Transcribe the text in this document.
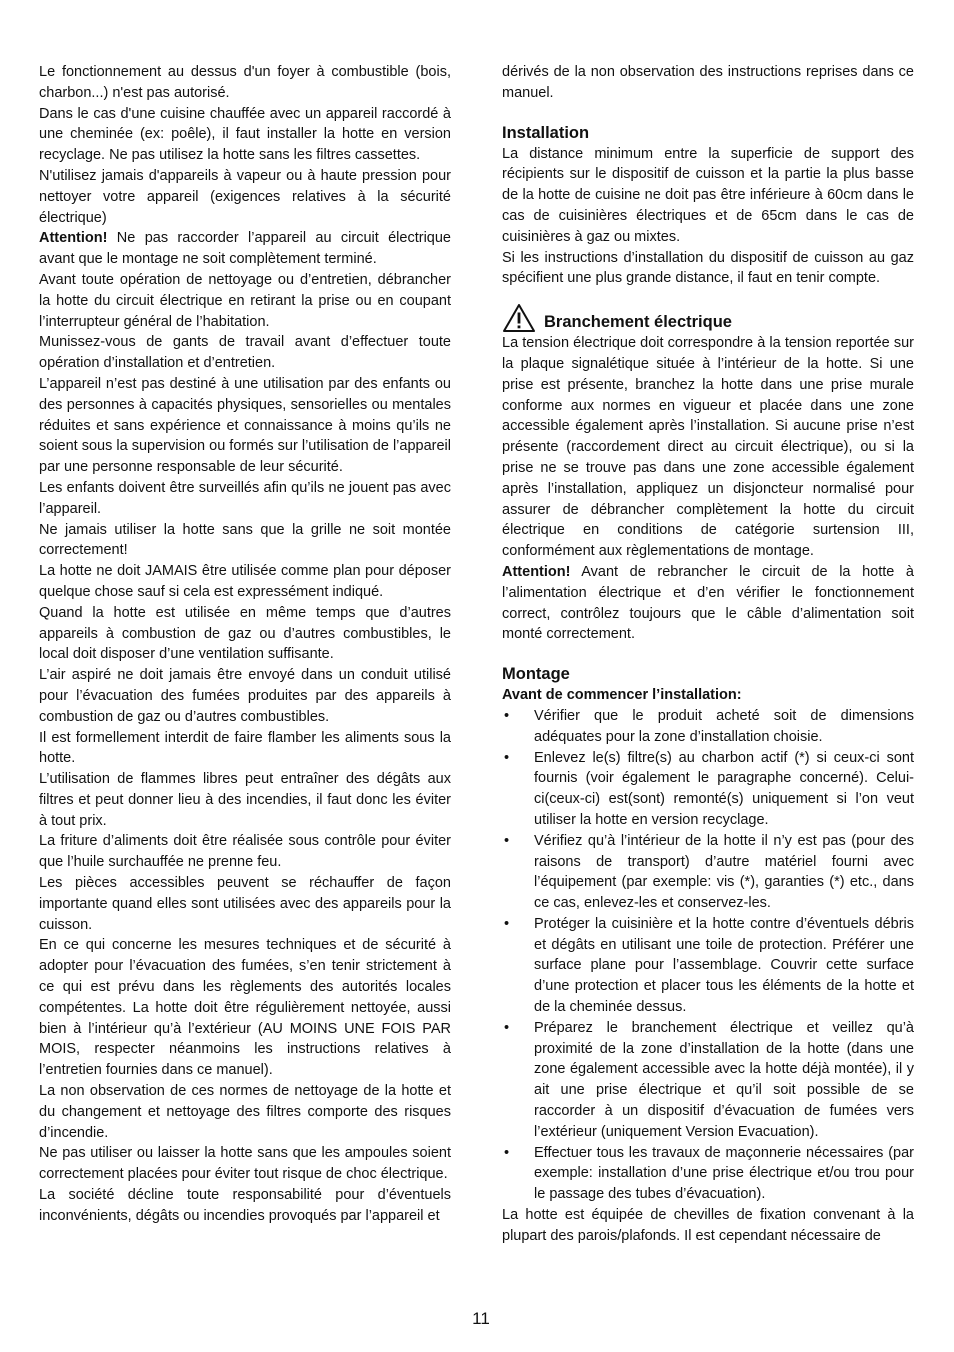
Le fonctionnement au dessus d'un foyer à combustible (bois, charbon...) n'est pas autorisé.

Dans le cas d'une cuisine chauffée avec un appareil raccordé à une cheminée (ex: poêle), il faut installer la hotte en version recyclage. Ne pas utilisez la hotte sans les filtres cassettes.

N'utilisez jamais d'appareils à vapeur ou à haute pression pour nettoyer votre appareil (exigences relatives à la sécurité électrique)

Attention! Ne pas raccorder l’appareil au circuit électrique avant que le montage ne soit complètement terminé.

Avant toute opération de nettoyage ou d’entretien, débrancher la hotte du circuit électrique en retirant la prise ou en coupant l’interrupteur général de l’habitation.

Munissez-vous de gants de travail avant d’effectuer toute opération d’installation et d’entretien.

L’appareil n’est pas destiné à une utilisation par des enfants ou des personnes à capacités physiques, sensorielles ou mentales réduites et sans expérience et connaissance à moins qu’ils ne soient sous la supervision ou formés sur l’utilisation de l’appareil par une personne responsable de leur sécurité.

Les enfants doivent être surveillés afin qu’ils ne jouent pas avec l’appareil.

Ne jamais utiliser la hotte sans que la grille ne soit montée correctement!

La hotte ne doit JAMAIS être utilisée comme plan pour déposer quelque chose sauf si cela est expressément indiqué.

Quand la hotte est utilisée en même temps que d’autres appareils à combustion de gaz ou d’autres combustibles, le local doit disposer d’une ventilation suffisante.

L’air aspiré ne doit jamais être envoyé dans un conduit utilisé pour l’évacuation des fumées produites par des appareils à combustion de gaz ou d’autres combustibles.

Il est formellement interdit de faire flamber les aliments sous la hotte.

L’utilisation de flammes libres peut entraîner des dégâts aux filtres et peut donner lieu à des incendies, il faut donc les éviter à tout prix.

La friture d’aliments doit être réalisée sous contrôle pour éviter que l’huile surchauffée ne prenne feu.

Les pièces accessibles peuvent se réchauffer de façon importante quand elles sont utilisées avec des appareils pour la cuisson.

En ce qui concerne les mesures techniques et de sécurité à adopter pour l’évacuation des fumées, s’en tenir strictement à ce qui est prévu dans les règlements des autorités locales compétentes. La hotte doit être régulièrement nettoyée, aussi bien à l’intérieur qu’à l’extérieur (AU MOINS UNE FOIS PAR MOIS, respecter néanmoins les instructions relatives à l’entretien fournies dans ce manuel).

La non observation de ces normes de nettoyage de la hotte et du changement et nettoyage des filtres comporte des risques d’incendie.

Ne pas utiliser ou laisser la hotte sans que les ampoules soient correctement placées pour éviter tout risque de choc électrique.

La société décline toute responsabilité pour d’éventuels inconvénients, dégâts ou incendies provoqués par l’appareil et

dérivés de la non observation des instructions reprises dans ce manuel.

Installation

La distance minimum entre la superficie de support des récipients sur le dispositif de cuisson et la partie la plus basse de la hotte de cuisine ne doit pas être inférieure à 60cm dans le cas de cuisinières électriques et de 65cm dans le cas de cuisinières à gaz ou mixtes.

Si les instructions d’installation du dispositif de cuisson au gaz spécifient une plus grande distance, il faut en tenir compte.

Branchement électrique

La tension électrique doit correspondre à la tension reportée sur la plaque signalétique située à l’intérieur de la hotte. Si une prise est présente, branchez la hotte dans une prise murale conforme aux normes en vigueur et placée dans une zone accessible également après l’installation. Si aucune prise n’est présente (raccordement direct au circuit électrique), ou si la prise ne se trouve pas dans une zone accessible également après l’installation, appliquez un disjoncteur normalisé pour assurer de débrancher complètement la hotte du circuit électrique en conditions de catégorie surtension III, conformément aux règlementations de montage.

Attention! Avant de rebrancher le circuit de la hotte à l’alimentation électrique et d’en vérifier le fonctionnement correct, contrôlez toujours que le câble d’alimentation soit monté correctement.

Montage

Avant de commencer l’installation:

• Vérifier que le produit acheté soit de dimensions adéquates pour la zone d’installation choisie.
• Enlevez le(s) filtre(s) au charbon actif (*) si ceux-ci sont fournis (voir également le paragraphe concerné). Celui-ci(ceux-ci) est(sont) remonté(s) uniquement si l’on veut utiliser la hotte en version recyclage.
• Vérifiez qu’à l’intérieur de la hotte il n’y est pas (pour des raisons de transport) d’autre matériel fourni avec l’équipement (par exemple: vis (*), garanties (*) etc., dans ce cas, enlevez-les et conservez-les.
• Protéger la cuisinière et la hotte contre d’éventuels débris et dégâts en utilisant une toile de protection. Préférer une surface plane pour l’assemblage. Couvrir cette surface d’une protection et placer tous les éléments de la hotte et de la cheminée dessus.
• Préparez le branchement électrique et veillez qu’à proximité de la zone d’installation de la hotte (dans une zone également accessible avec la hotte déjà montée), il y ait une prise électrique et qu’il soit possible de se raccorder à un dispositif d’évacuation de fumées vers l’extérieur (uniquement Version Evacuation).
• Effectuer tous les travaux de maçonnerie nécessaires (par exemple: installation d’une prise électrique et/ou trou pour le passage des tubes d’évacuation).

La hotte est équipée de chevilles de fixation convenant à la plupart des parois/plafonds. Il est cependant nécessaire de

11
